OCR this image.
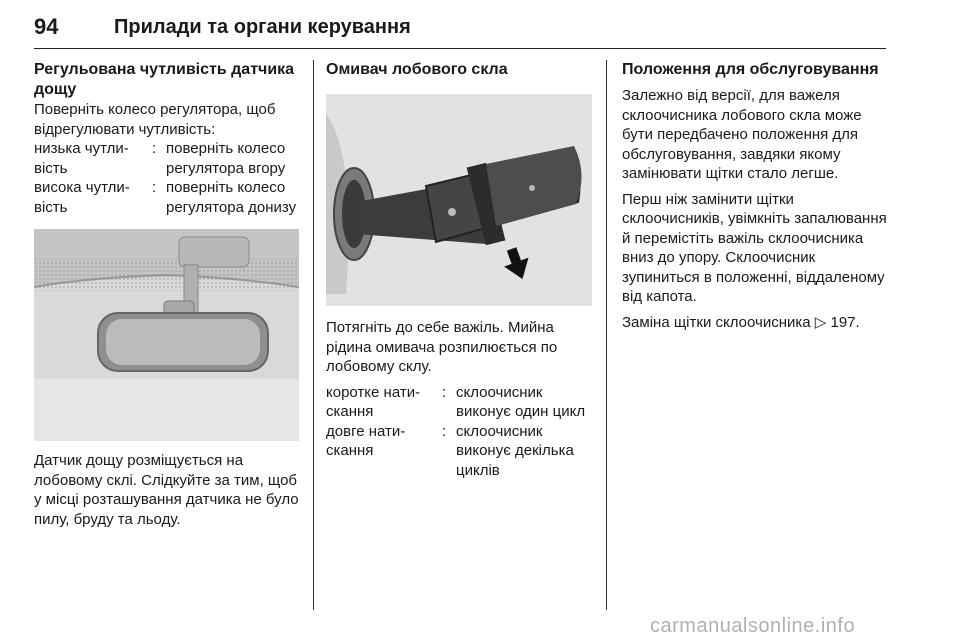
94	Прилади та органи керування
Регульована чутливість датчика дощу

Поверніть колесо регулятора, щоб відрегулювати чутливість:

низька чутли-вість
: поверніть колесо регулятора вгору
висока чутли-вість
: поверніть колесо регулятора донизу

Датчик дощу розміщується на лобовому склі. Слідкуйте за тим, щоб у місці розташування датчика не було пилу, бруду та льоду.

Омивач лобового скла

Потягніть до себе важіль. Мийна рідина омивача розпилюється по лобовому склу.

коротке нати-скання
: склоочисник виконує один цикл
довге нати-скання
: склоочисник виконує декілька циклів
Положення для обслуговування

Залежно від версії, для важеля склоочисника лобового скла може бути передбачено положення для обслуговування, завдяки якому замінювати щітки стало легше.

Перш ніж замінити щітки склоочисників, увімкніть запалювання й перемістіть важіль склоочисника вниз до упору. Склоочисник зупиниться в положенні, віддаленому від капота.

Заміна щітки склоочисника ▷ 197.

carmanualsonline.info
